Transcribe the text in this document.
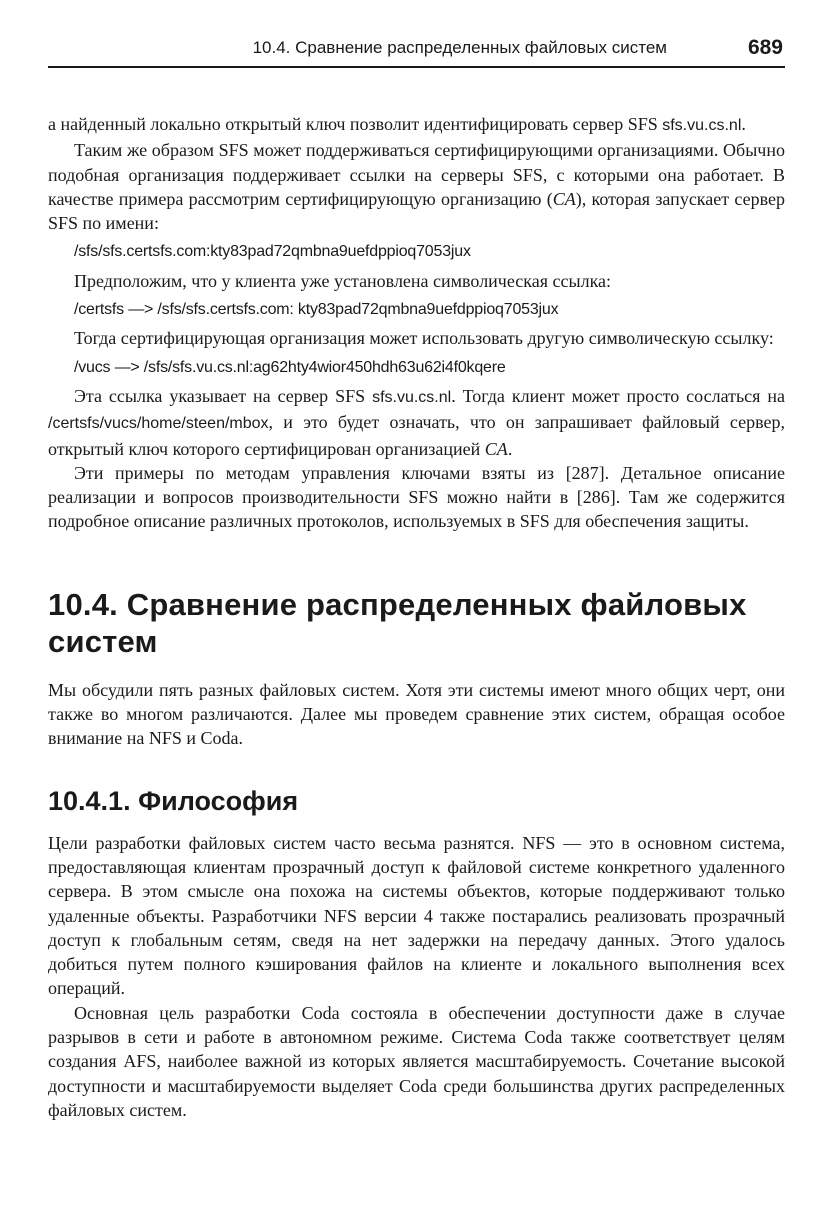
10.4. Сравнение распределенных файловых систем	689

а найденный локально открытый ключ позволит идентифицировать сервер SFS sfs.vu.cs.nl.

Таким же образом SFS может поддерживаться сертифицирующими организациями. Обычно подобная организация поддерживает ссылки на серверы SFS, с которыми она работает. В качестве примера рассмотрим сертифицирующую организацию (CA), которая запускает сервер SFS по имени:

/sfs/sfs.certsfs.com:kty83pad72qmbna9uefdppioq7053jux

Предположим, что у клиента уже установлена символическая ссылка:

/certsfs —> /sfs/sfs.certsfs.com: kty83pad72qmbna9uefdppioq7053jux

Тогда сертифицирующая организация может использовать другую символическую ссылку:

/vucs —> /sfs/sfs.vu.cs.nl:ag62hty4wior450hdh63u62i4f0kqere

Эта ссылка указывает на сервер SFS sfs.vu.cs.nl. Тогда клиент может просто сослаться на /certsfs/vucs/home/steen/mbox, и это будет означать, что он запрашивает файловый сервер, открытый ключ которого сертифицирован организацией CA.

Эти примеры по методам управления ключами взяты из [287]. Детальное описание реализации и вопросов производительности SFS можно найти в [286]. Там же содержится подробное описание различных протоколов, используемых в SFS для обеспечения защиты.

10.4. Сравнение распределенных файловых систем

Мы обсудили пять разных файловых систем. Хотя эти системы имеют много общих черт, они также во многом различаются. Далее мы проведем сравнение этих систем, обращая особое внимание на NFS и Coda.

10.4.1. Философия

Цели разработки файловых систем часто весьма разнятся. NFS — это в основном система, предоставляющая клиентам прозрачный доступ к файловой системе конкретного удаленного сервера. В этом смысле она похожа на системы объектов, которые поддерживают только удаленные объекты. Разработчики NFS версии 4 также постарались реализовать прозрачный доступ к глобальным сетям, сведя на нет задержки на передачу данных. Этого удалось добиться путем полного кэширования файлов на клиенте и локального выполнения всех операций.

Основная цель разработки Coda состояла в обеспечении доступности даже в случае разрывов в сети и работе в автономном режиме. Система Coda также соответствует целям создания AFS, наиболее важной из которых является масштабируемость. Сочетание высокой доступности и масштабируемости выделяет Coda среди большинства других распределенных файловых систем.
